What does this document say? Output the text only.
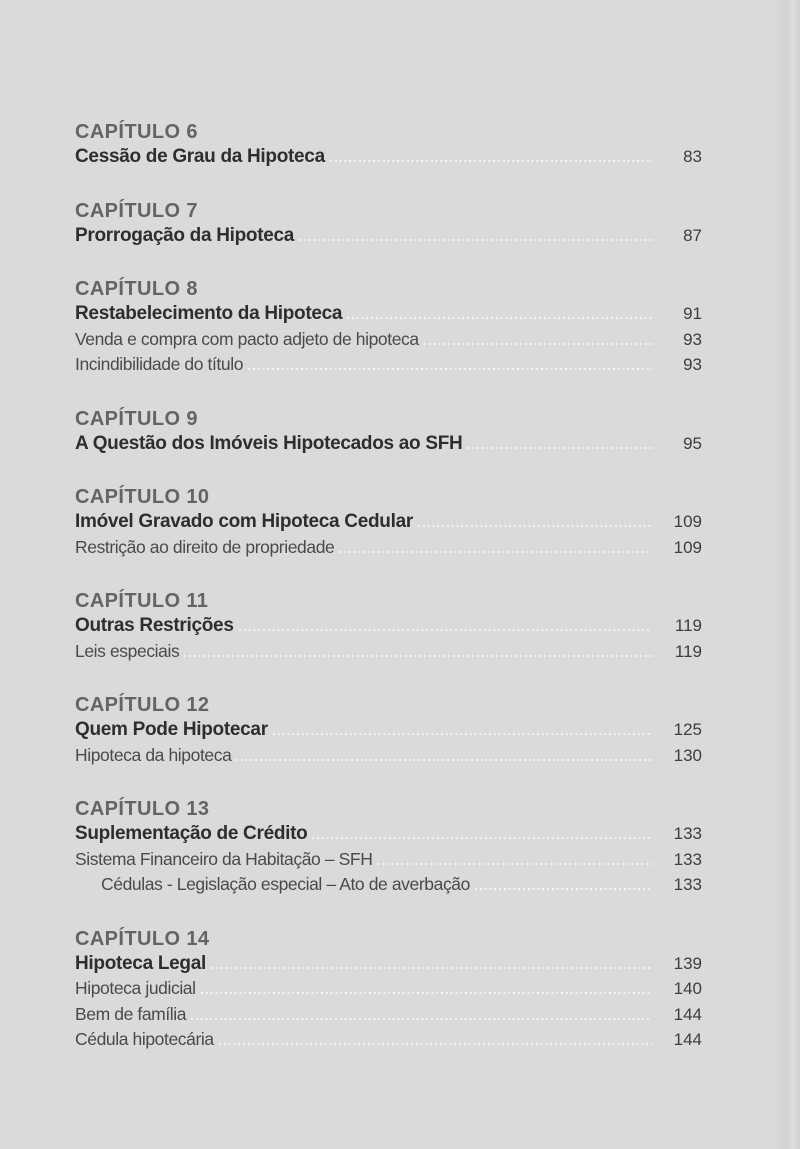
CAPÍTULO 6
Cessão de Grau da Hipoteca	83
CAPÍTULO 7
Prorrogação da Hipoteca	87
CAPÍTULO 8
Restabelecimento da Hipoteca	91
Venda e compra com pacto adjeto de hipoteca	93
Incindibilidade do título	93
CAPÍTULO 9
A Questão dos Imóveis Hipotecados ao SFH	95
CAPÍTULO 10
Imóvel Gravado com Hipoteca Cedular	109
Restrição ao direito de propriedade	109
CAPÍTULO 11
Outras Restrições	119
Leis especiais	119
CAPÍTULO 12
Quem Pode Hipotecar	125
Hipoteca da hipoteca	130
CAPÍTULO 13
Suplementação de Crédito	133
Sistema Financeiro da Habitação – SFH	133
Cédulas - Legislação especial – Ato de averbação	133
CAPÍTULO 14
Hipoteca Legal	139
Hipoteca judicial	140
Bem de família	144
Cédula hipotecária	144
